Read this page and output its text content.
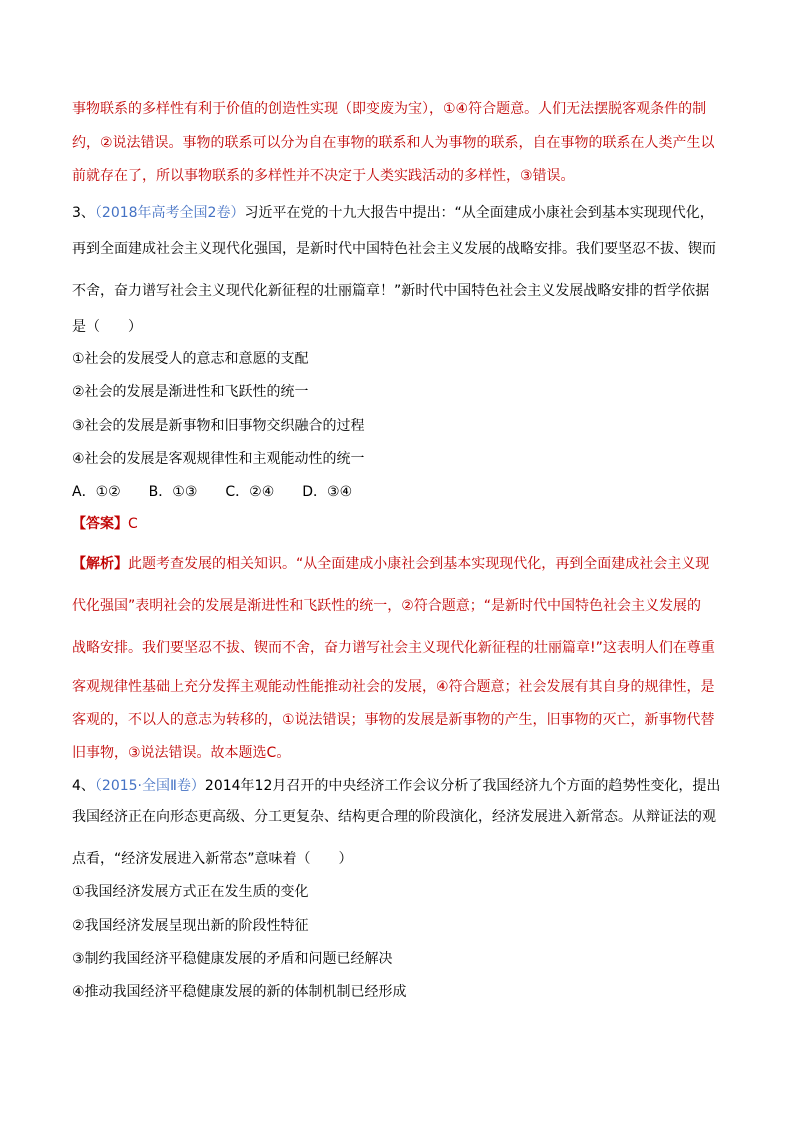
事物联系的多样性有利于价值的创造性实现（即变废为宝），①④符合题意。人们无法摆脱客观条件的制
约，②说法错误。事物的联系可以分为自在事物的联系和人为事物的联系，自在事物的联系在人类产生以
前就存在了，所以事物联系的多样性并不决定于人类实践活动的多样性，③错误。
3、（2018年高考全国2卷）习近平在党的十九大报告中提出：“从全面建成小康社会到基本实现现代化，
再到全面建成社会主义现代化强国，是新时代中国特色社会主义发展的战略安排。我们要坚忍不拔、锲而
不舍，奋力谱写社会主义现代化新征程的壮丽篇章！”新时代中国特色社会主义发展战略安排的哲学依据
是（　　）
①社会的发展受人的意志和意愿的支配
②社会的发展是渐进性和飞跃性的统一
③社会的发展是新事物和旧事物交织融合的过程
④社会的发展是客观规律性和主观能动性的统一
A．①②　　B．①③　　C．②④　　D．③④
【答案】C
【解析】此题考查发展的相关知识。“从全面建成小康社会到基本实现现代化，再到全面建成社会主义现
代化强国”表明社会的发展是渐进性和飞跃性的统一，②符合题意；“是新时代中国特色社会主义发展的
战略安排。我们要坚忍不拔、锲而不舍，奋力谱写社会主义现代化新征程的壮丽篇章!”这表明人们在尊重
客观规律性基础上充分发挥主观能动性能推动社会的发展，④符合题意；社会发展有其自身的规律性，是
客观的，不以人的意志为转移的，①说法错误；事物的发展是新事物的产生，旧事物的灭亡，新事物代替
旧事物，③说法错误。故本题选C。
4、（2015·全国Ⅱ卷）2014年12月召开的中央经济工作会议分析了我国经济九个方面的趋势性变化，提出
我国经济正在向形态更高级、分工更复杂、结构更合理的阶段演化，经济发展进入新常态。从辩证法的观
点看，“经济发展进入新常态”意味着（　　）
①我国经济发展方式正在发生质的变化
②我国经济发展呈现出新的阶段性特征
③制约我国经济平稳健康发展的矛盾和问题已经解决
④推动我国经济平稳健康发展的新的体制机制已经形成
